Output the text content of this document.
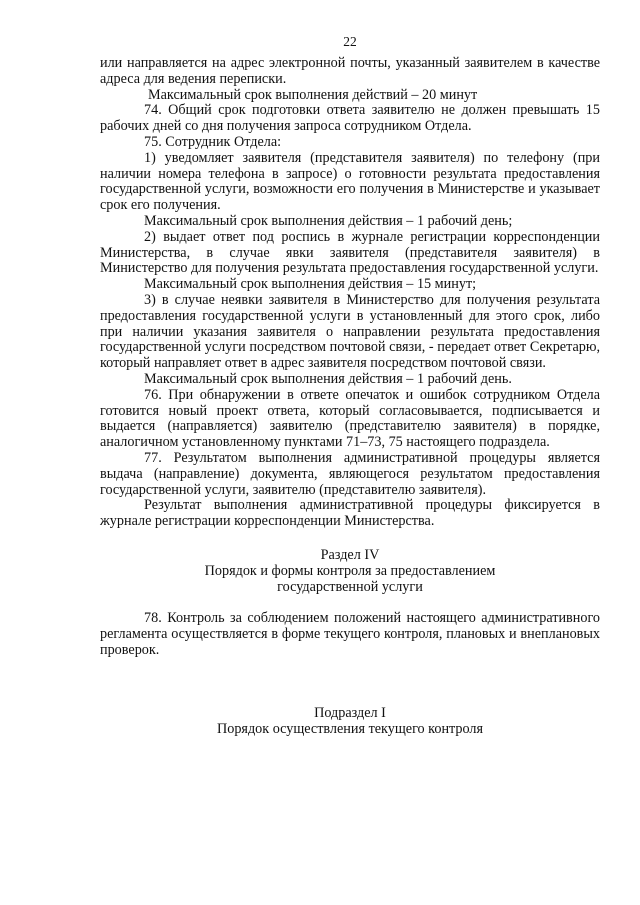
22

или направляется на адрес электронной почты, указанный заявителем в качестве адреса для ведения переписки.

Максимальный срок выполнения действий – 20 минут

74. Общий срок подготовки ответа заявителю не должен превышать 15 рабочих дней со дня получения запроса сотрудником Отдела.

75. Сотрудник Отдела:

1) уведомляет заявителя (представителя заявителя) по телефону (при наличии номера телефона в запросе) о готовности результата предоставления государственной услуги, возможности его получения в Министерстве и указывает срок его получения.

Максимальный срок выполнения действия – 1 рабочий день;

2) выдает ответ под роспись в журнале регистрации корреспонденции Министерства, в случае явки заявителя (представителя заявителя) в Министерство для получения результата предоставления государственной услуги.

Максимальный срок выполнения действия – 15 минут;

3) в случае неявки заявителя в Министерство для получения результата предоставления государственной услуги в установленный для этого срок, либо при наличии указания заявителя о направлении результата предоставления государственной услуги посредством почтовой связи, - передает ответ Секретарю, который направляет ответ в адрес заявителя посредством почтовой связи.

Максимальный срок выполнения действия – 1 рабочий день.

76. При обнаружении в ответе опечаток и ошибок сотрудником Отдела готовится новый проект ответа, который согласовывается, подписывается и выдается (направляется) заявителю (представителю заявителя) в порядке, аналогичном установленному пунктами 71–73, 75 настоящего подраздела.

77. Результатом выполнения административной процедуры является выдача (направление) документа, являющегося результатом предоставления государственной услуги, заявителю (представителю заявителя).

Результат выполнения административной процедуры фиксируется в журнале регистрации корреспонденции Министерства.

Раздел IV

Порядок и формы контроля за предоставлением

государственной услуги

78. Контроль за соблюдением положений настоящего административного регламента осуществляется в форме текущего контроля, плановых и внеплановых проверок.

Подраздел I

Порядок осуществления текущего контроля
